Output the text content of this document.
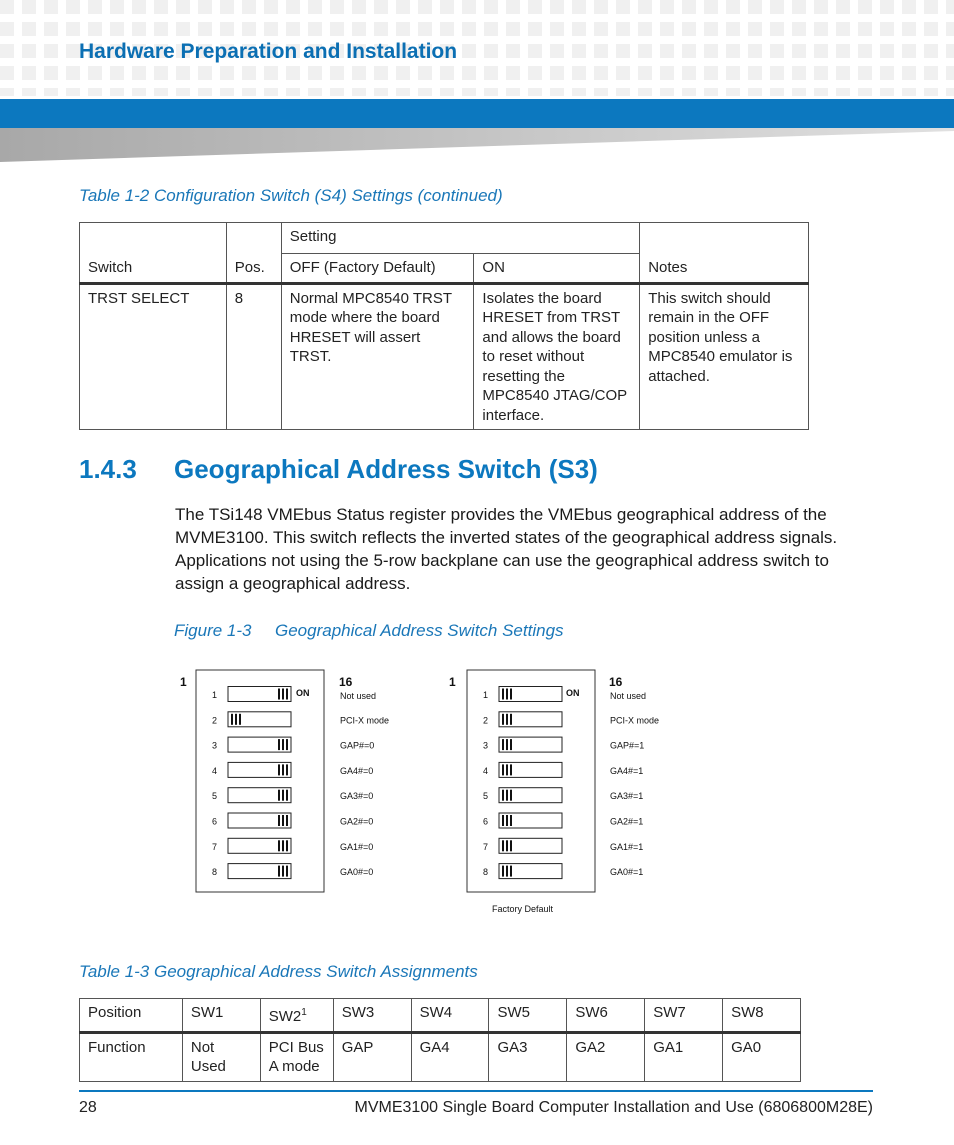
Hardware Preparation and Installation
Table 1-2 Configuration Switch (S4) Settings (continued)
Switch	Pos.	Setting		Notes
		OFF (Factory Default)	ON	
TRST SELECT	8	Normal MPC8540 TRST mode where the board HRESET will assert TRST.	Isolates the board HRESET from TRST and allows the board to reset without resetting the MPC8540 JTAG/COP interface.	This switch should remain in the OFF position unless a MPC8540 emulator is attached.
1.4.3 Geographical Address Switch (S3)
The TSi148 VMEbus Status register provides the VMEbus geographical address of the MVME3100. This switch reflects the inverted states of the geographical address signals. Applications not using the 5-row backplane can use the geographical address switch to assign a geographical address.
Figure 1-3 Geographical Address Switch Settings
1	16
ON
1	Not used
2	PCI-X mode
3	GAP#=0
4	GA4#=0
5	GA3#=0
6	GA2#=0
7	GA1#=0
8	GA0#=0
1	16
ON
1	Not used
2	PCI-X mode
3	GAP#=1
4	GA4#=1
5	GA3#=1
6	GA2#=1
7	GA1#=1
8	GA0#=1
Factory Default
Table 1-3 Geographical Address Switch Assignments
Position	SW1	$SW2^1$	SW3	SW4	SW5	SW6	SW7	SW8
Function	Not Used	PCI Bus A mode	GAP	GA4	GA3	GA2	GA1	GA0
28	MVME3100 Single Board Computer Installation and Use (6806800M28E)
